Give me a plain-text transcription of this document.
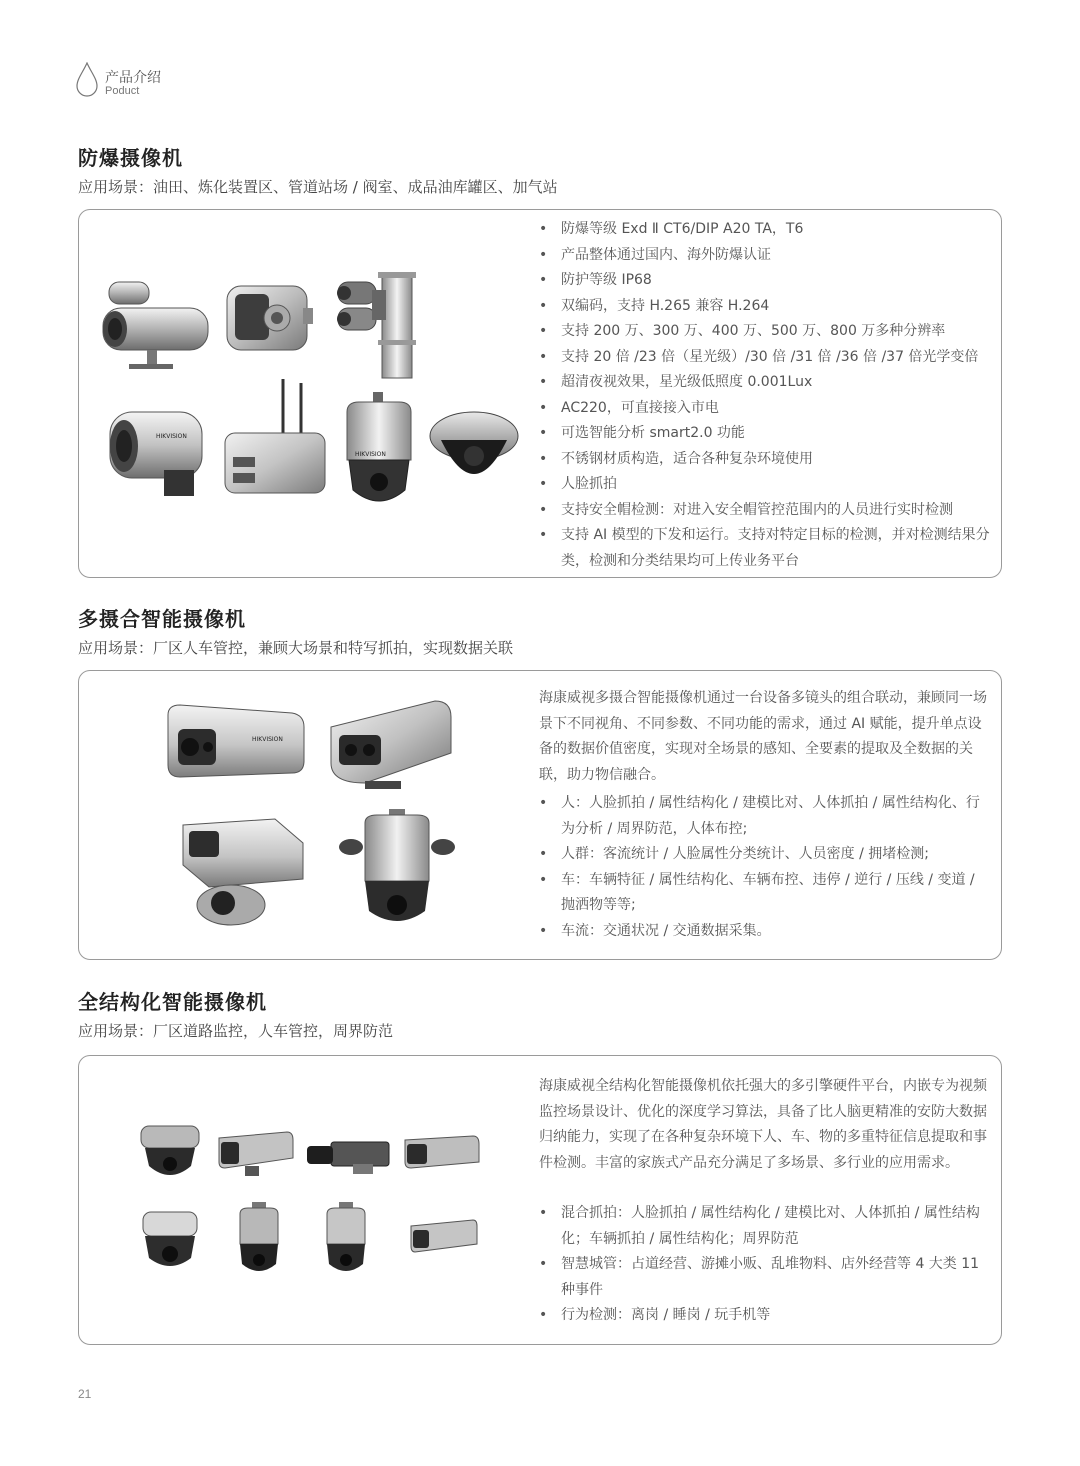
产品介绍
Poduct
防爆摄像机
应用场景：油田、炼化装置区、管道站场 / 阀室、成品油库罐区、加气站
HIKVISION
HIKVISION
• 防爆等级 Exd Ⅱ CT6/DIP A20 TA，T6
• 产品整体通过国内、海外防爆认证
• 防护等级 IP68
• 双编码，支持 H.265 兼容 H.264
• 支持 200 万、300 万、400 万、500 万、800 万多种分辨率
• 支持 20 倍 /23 倍（星光级）/30 倍 /31 倍 /36 倍 /37 倍光学变倍
• 超清夜视效果，星光级低照度 0.001Lux
• AC220，可直接接入市电
• 可选智能分析 smart2.0 功能
• 不锈钢材质构造，适合各种复杂环境使用
• 人脸抓拍
• 支持安全帽检测：对进入安全帽管控范围内的人员进行实时检测
• 支持 AI 模型的下发和运行。支持对特定目标的检测，并对检测结果分类，检测和分类结果均可上传业务平台
多摄合智能摄像机
应用场景：厂区人车管控，兼顾大场景和特写抓拍，实现数据关联
HIKVISION
海康威视多摄合智能摄像机通过一台设备多镜头的组合联动，兼顾同一场景下不同视角、不同参数、不同功能的需求，通过 AI 赋能，提升单点设备的数据价值密度，实现对全场景的感知、全要素的提取及全数据的关联，助力物信融合。
• 人：人脸抓拍 / 属性结构化 / 建模比对、人体抓拍 / 属性结构化、行为分析 / 周界防范，人体布控;
• 人群：客流统计 / 人脸属性分类统计、人员密度 / 拥堵检测;
• 车：车辆特征 / 属性结构化、车辆布控、违停 / 逆行 / 压线 / 变道 / 抛洒物等等;
• 车流：交通状况 / 交通数据采集。
全结构化智能摄像机
应用场景：厂区道路监控，人车管控，周界防范
海康威视全结构化智能摄像机依托强大的多引擎硬件平台，内嵌专为视频监控场景设计、优化的深度学习算法，具备了比人脑更精准的安防大数据归纳能力，实现了在各种复杂环境下人、车、物的多重特征信息提取和事件检测。丰富的家族式产品充分满足了多场景、多行业的应用需求。
• 混合抓拍：人脸抓拍 / 属性结构化 / 建模比对、人体抓拍 / 属性结构化；车辆抓拍 / 属性结构化；周界防范
• 智慧城管：占道经营、游摊小贩、乱堆物料、店外经营等 4 大类 11 种事件
• 行为检测：离岗 / 睡岗 / 玩手机等
21
